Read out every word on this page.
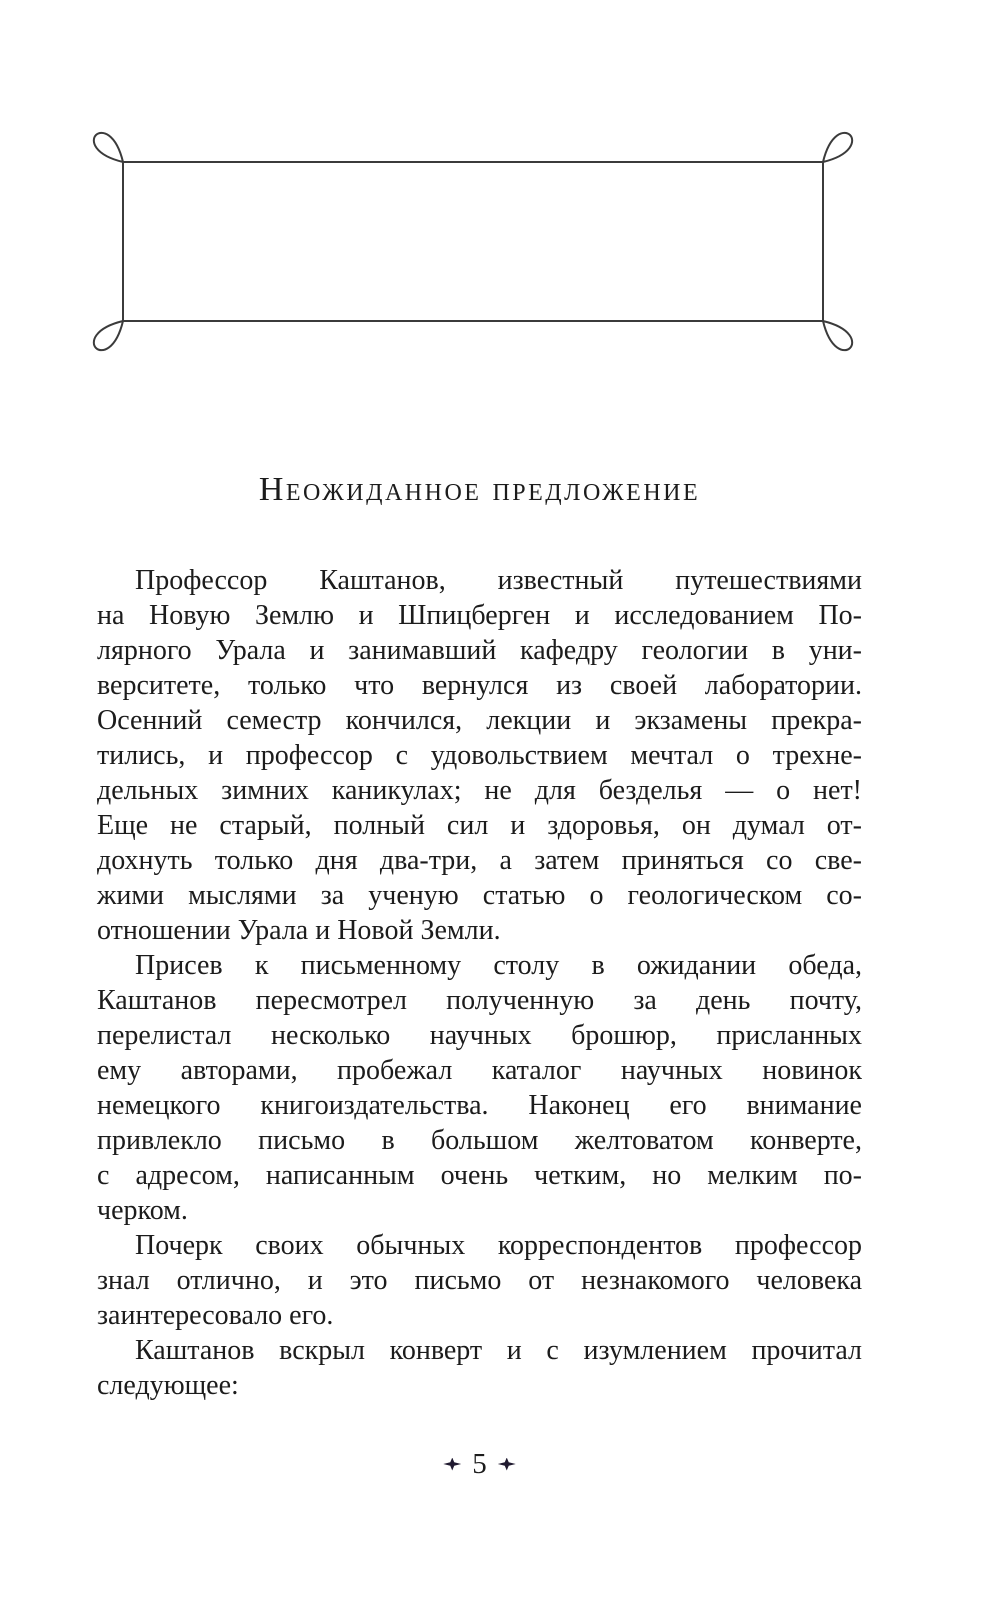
Неожиданное предложение
Профессор Каштанов, известный путешествиями
на Новую Землю и Шпицберген и исследованием По-
лярного Урала и занимавший кафедру геологии в уни-
верситете, только что вернулся из своей лаборатории.
Осенний семестр кончился, лекции и экзамены прекра-
тились, и профессор с удовольствием мечтал о трехне-
дельных зимних каникулах; не для безделья — о нет!
Еще не старый, полный сил и здоровья, он думал от-
дохнуть только дня два-три, а затем приняться со све-
жими мыслями за ученую статью о геологическом со-
отношении Урала и Новой Земли.
Присев к письменному столу в ожидании обеда,
Каштанов пересмотрел полученную за день почту,
перелистал несколько научных брошюр, присланных
ему авторами, пробежал каталог научных новинок
немецкого книгоиздательства. Наконец его внимание
привлекло письмо в большом желтоватом конверте,
с адресом, написанным очень четким, но мелким по-
черком.
Почерк своих обычных корреспондентов профессор
знал отлично, и это письмо от незнакомого человека
заинтересовало его.
Каштанов вскрыл конверт и с изумлением прочитал
следующее:
5
